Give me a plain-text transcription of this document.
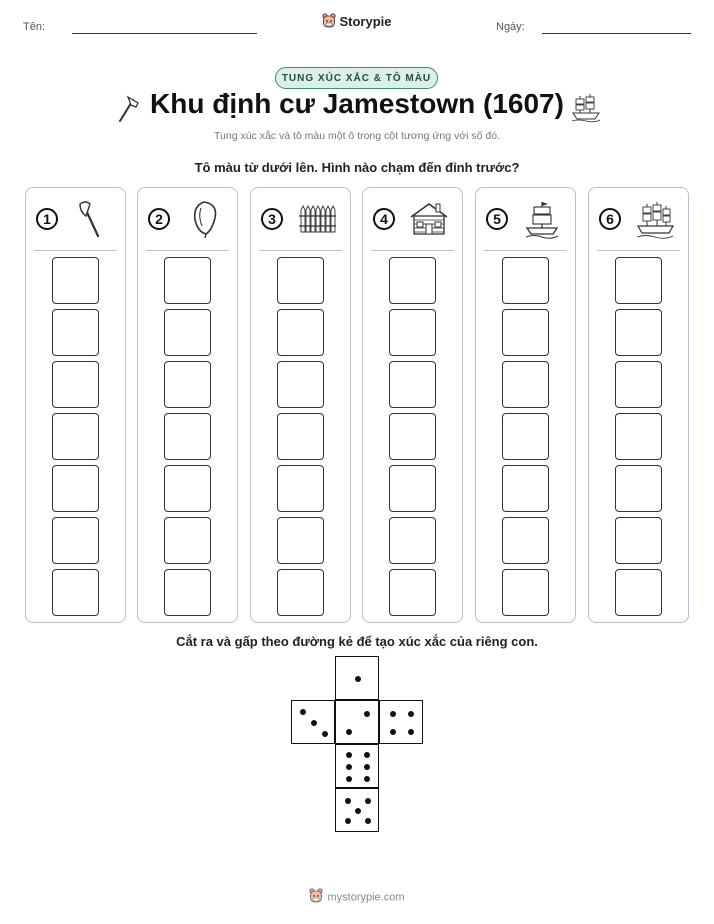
Tên:	Ngày:
Storypie
TUNG XÚC XẮC & TÔ MÀU
Khu định cư Jamestown (1607)
Tung xúc xắc và tô màu một ô trong cột tương ứng với số đó.
Tô màu từ dưới lên. Hình nào chạm đến đỉnh trước?
1	2	3	4	5	6
Cắt ra và gấp theo đường kẻ để tạo xúc xắc của riêng con.
mystorypie.com
